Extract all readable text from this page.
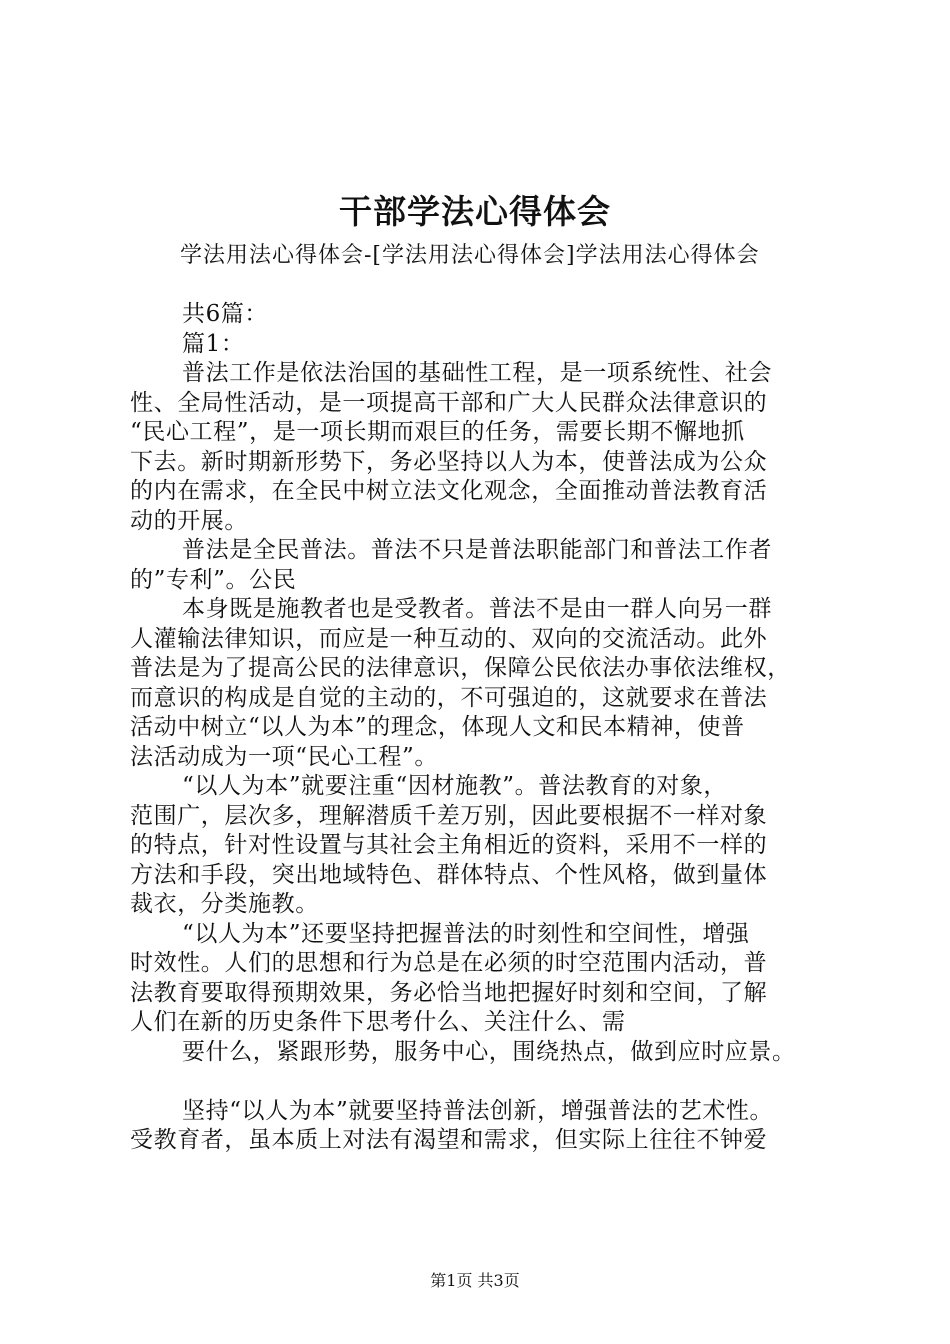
干部学法心得体会

学法用法心得体会-[学法用法心得体会]学法用法心得体会

共6篇：
篇1：
普法工作是依法治国的基础性工程，是一项系统性、社会
性、全局性活动，是一项提高干部和广大人民群众法律意识的
“民心工程”，是一项长期而艰巨的任务，需要长期不懈地抓
下去。新时期新形势下，务必坚持以人为本，使普法成为公众
的内在需求，在全民中树立法文化观念，全面推动普法教育活
动的开展。
普法是全民普法。普法不只是普法职能部门和普法工作者
的”专利”。公民
本身既是施教者也是受教者。普法不是由一群人向另一群
人灌输法律知识，而应是一种互动的、双向的交流活动。此外
普法是为了提高公民的法律意识，保障公民依法办事依法维权，
而意识的构成是自觉的主动的，不可强迫的，这就要求在普法
活动中树立“以人为本”的理念，体现人文和民本精神，使普
法活动成为一项“民心工程”。
“以人为本”就要注重“因材施教”。普法教育的对象，
范围广，层次多，理解潜质千差万别，因此要根据不一样对象
的特点，针对性设置与其社会主角相近的资料，采用不一样的
方法和手段，突出地域特色、群体特点、个性风格，做到量体
裁衣，分类施教。
“以人为本”还要坚持把握普法的时刻性和空间性，增强
时效性。人们的思想和行为总是在必须的时空范围内活动，普
法教育要取得预期效果，务必恰当地把握好时刻和空间，了解
人们在新的历史条件下思考什么、关注什么、需
要什么，紧跟形势，服务中心，围绕热点，做到应时应景。
坚持“以人为本”就要坚持普法创新，增强普法的艺术性。
受教育者，虽本质上对法有渴望和需求，但实际上往往不钟爱
第1页 共3页
